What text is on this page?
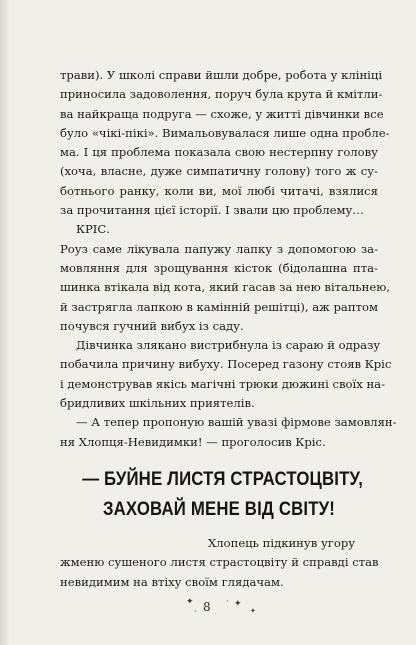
трави). У школі справи йшли добре, робота у клініці
приносила задоволення, поруч була крута й кмітли-
ва найкраща подруга — схоже, у житті дівчинки все
було «чікі-пікі». Вимальовувалася лише одна пробле-
ма. І ця проблема показала свою нестерпну голову
(хоча, власне, дуже симпатичну голову) того ж су-
ботнього ранку, коли ви, мої любі читачі, взялися
за прочитання цієї історії. І звали цю проблему…
КРІС.
Роуз саме лікувала папужу лапку з допомогою за-
мовляння для зрощування кісток (бідолашна пта-
шинка втікала від кота, який гасав за нею вітальнею,
й застрягла лапкою в камінній решітці), аж раптом
почувся гучний вибух із саду.
Дівчинка злякано вистрибнула із сараю й одразу
побачила причину вибуху. Посеред газону стояв Кріс
і демонстрував якісь магічні трюки дюжині своїх на-
бридливих шкільних приятелів.
— А тепер пропоную вашій увазі фірмове замовлян-
ня Хлопця-Невидимки! — проголосив Кріс.
— БУЙНЕ ЛИСТЯ СТРАСТОЦВІТУ,
ЗАХОВАЙ МЕНЕ ВІД СВІТУ!
Хлопець підкинув угору
жменю сушеного листя страстоцвіту й справді став
невидимим на втіху своїм глядачам.
✦
· 8 · ✦
✦
